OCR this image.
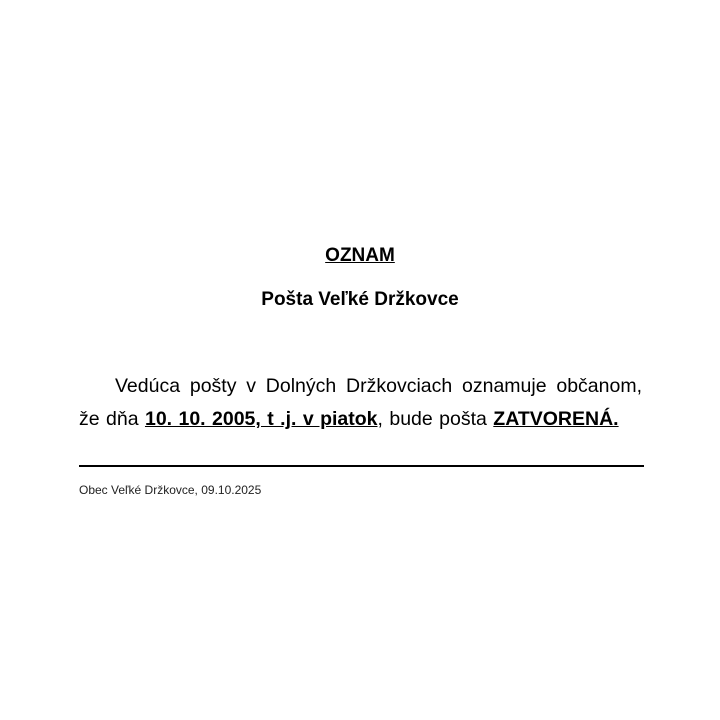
OZNAM
Pošta Veľké Držkovce
Vedúca pošty v Dolných Držkovciach oznamuje občanom, že dňa 10. 10. 2005, t .j. v piatok, bude pošta ZATVORENÁ.
Obec Veľké Držkovce, 09.10.2025
